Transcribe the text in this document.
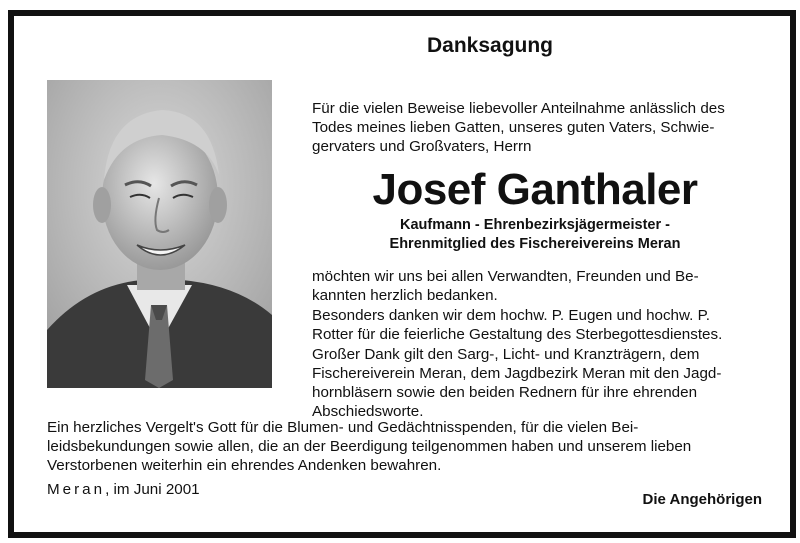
Danksagung
Für die vielen Beweise liebevoller Anteilnahme anlässlich des
Todes meines lieben Gatten, unseres guten Vaters, Schwie-
gervaters und Großvaters, Herrn
Josef Ganthaler
Kaufmann - Ehrenbezirksjägermeister -
Ehrenmitglied des Fischereivereins Meran
möchten wir uns bei allen Verwandten, Freunden und Be-
kannten herzlich bedanken.
Besonders danken wir dem hochw. P. Eugen und hochw. P.
Rotter für die feierliche Gestaltung des Sterbegottesdienstes.
Großer Dank gilt den Sarg-, Licht- und Kranzträgern, dem
Fischereiverein Meran, dem Jagdbezirk Meran mit den Jagd-
hornbläsern sowie den beiden Rednern für ihre ehrenden
Abschiedsworte.
Ein herzliches Vergelt's Gott für die Blumen- und Gedächtnisspenden, für die vielen Bei-
leidsbekundungen sowie allen, die an der Beerdigung teilgenommen haben und unserem lieben
Verstorbenen weiterhin ein ehrendes Andenken bewahren.
Meran, im Juni 2001
Die Angehörigen
